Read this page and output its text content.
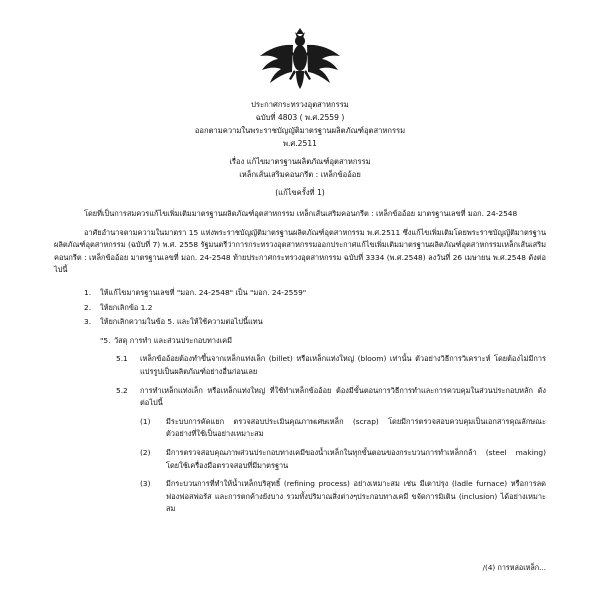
ประกาศกระทรวงอุตสาหกรรม
ฉบับที่ 4803 ( พ.ศ.2559 )
ออกตามความในพระราชบัญญัติมาตรฐานผลิตภัณฑ์อุตสาหกรรม
พ.ศ.2511
เรื่อง แก้ไขมาตรฐานผลิตภัณฑ์อุตสาหกรรม
เหล็กเส้นเสริมคอนกรีต : เหล็กข้ออ้อย
(แก้ไขครั้งที่ 1)

โดยที่เป็นการสมควรแก้ไขเพิ่มเติมมาตรฐานผลิตภัณฑ์อุตสาหกรรม เหล็กเส้นเสริมคอนกรีต : เหล็กข้ออ้อย มาตรฐานเลขที่ มอก. 24-2548

อาศัยอำนาจตามความในมาตรา 15 แห่งพระราชบัญญัติมาตรฐานผลิตภัณฑ์อุตสาหกรรม พ.ศ.2511 ซึ่งแก้ไขเพิ่มเติมโดยพระราชบัญญัติมาตรฐานผลิตภัณฑ์อุตสาหกรรม (ฉบับที่ 7) พ.ศ. 2558 รัฐมนตรีว่าการกระทรวงอุตสาหกรรมออกประกาศแก้ไขเพิ่มเติมมาตรฐานผลิตภัณฑ์อุตสาหกรรมเหล็กเส้นเสริมคอนกรีต : เหล็กข้ออ้อย มาตรฐานเลขที่ มอก. 24-2548 ท้ายประกาศกระทรวงอุตสาหกรรม ฉบับที่ 3334 (พ.ศ.2548) ลงวันที่ 26 เมษายน พ.ศ.2548 ดังต่อไปนี้

1.	ให้แก้ไขมาตรฐานเลขที่ "มอก. 24-2548" เป็น "มอก. 24-2559"
2.	ให้ยกเลิกข้อ 1.2
3.	ให้ยกเลิกความในข้อ 5. และให้ใช้ความต่อไปนี้แทน
"5. วัสดุ การทำ และส่วนประกอบทางเคมี
5.1	เหล็กข้ออ้อยต้องทำขึ้นจากเหล็กแท่งเล็ก (billet) หรือเหล็กแท่งใหญ่ (bloom) เท่านั้น ตัวอย่างวิธีการวิเคราะห์ โดยต้องไม่มีการแปรรูปเป็นผลิตภัณฑ์อย่างอื่นก่อนเลย
5.2	การทำเหล็กแท่งเล็ก หรือเหล็กแท่งใหญ่ ที่ใช้ทำเหล็กข้ออ้อย ต้องมีขั้นตอนการวิธีการทำและการควบคุมในส่วนประกอบหลัก ดังต่อไปนี้
(1)	มีระบบการคัดแยก ตรวจสอบประเมินคุณภาพเศษเหล็ก (scrap) โดยมีการตรวจสอบควบคุมเป็นเอกสารคุณลักษณะตัวอย่างที่ใช้เป็นอย่างเหมาะสม
(2)	มีการตรวจสอบคุณภาพส่วนประกอบทางเคมีของน้ำเหล็กในทุกขั้นตอนของกระบวนการทำเหล็กกล้า (steel making) โดยใช้เครื่องมือตรวจสอบที่มีมาตรฐาน
(3)	มีกระบวนการที่ทำให้น้ำเหล็กบริสุทธิ์ (refining process) อย่างเหมาะสม เช่น มีเตาปรุง (ladle furnace) หรือการลดฟองฟอสฟอรัส และการตกค้างยังบาง รวมทั้งปริมาณสิ่งต่างๆประกอบทางเคมี ขจัดการมิเติน (inclusion) ได้อย่างเหมาะสม
/(4) การหล่อเหล็ก...
